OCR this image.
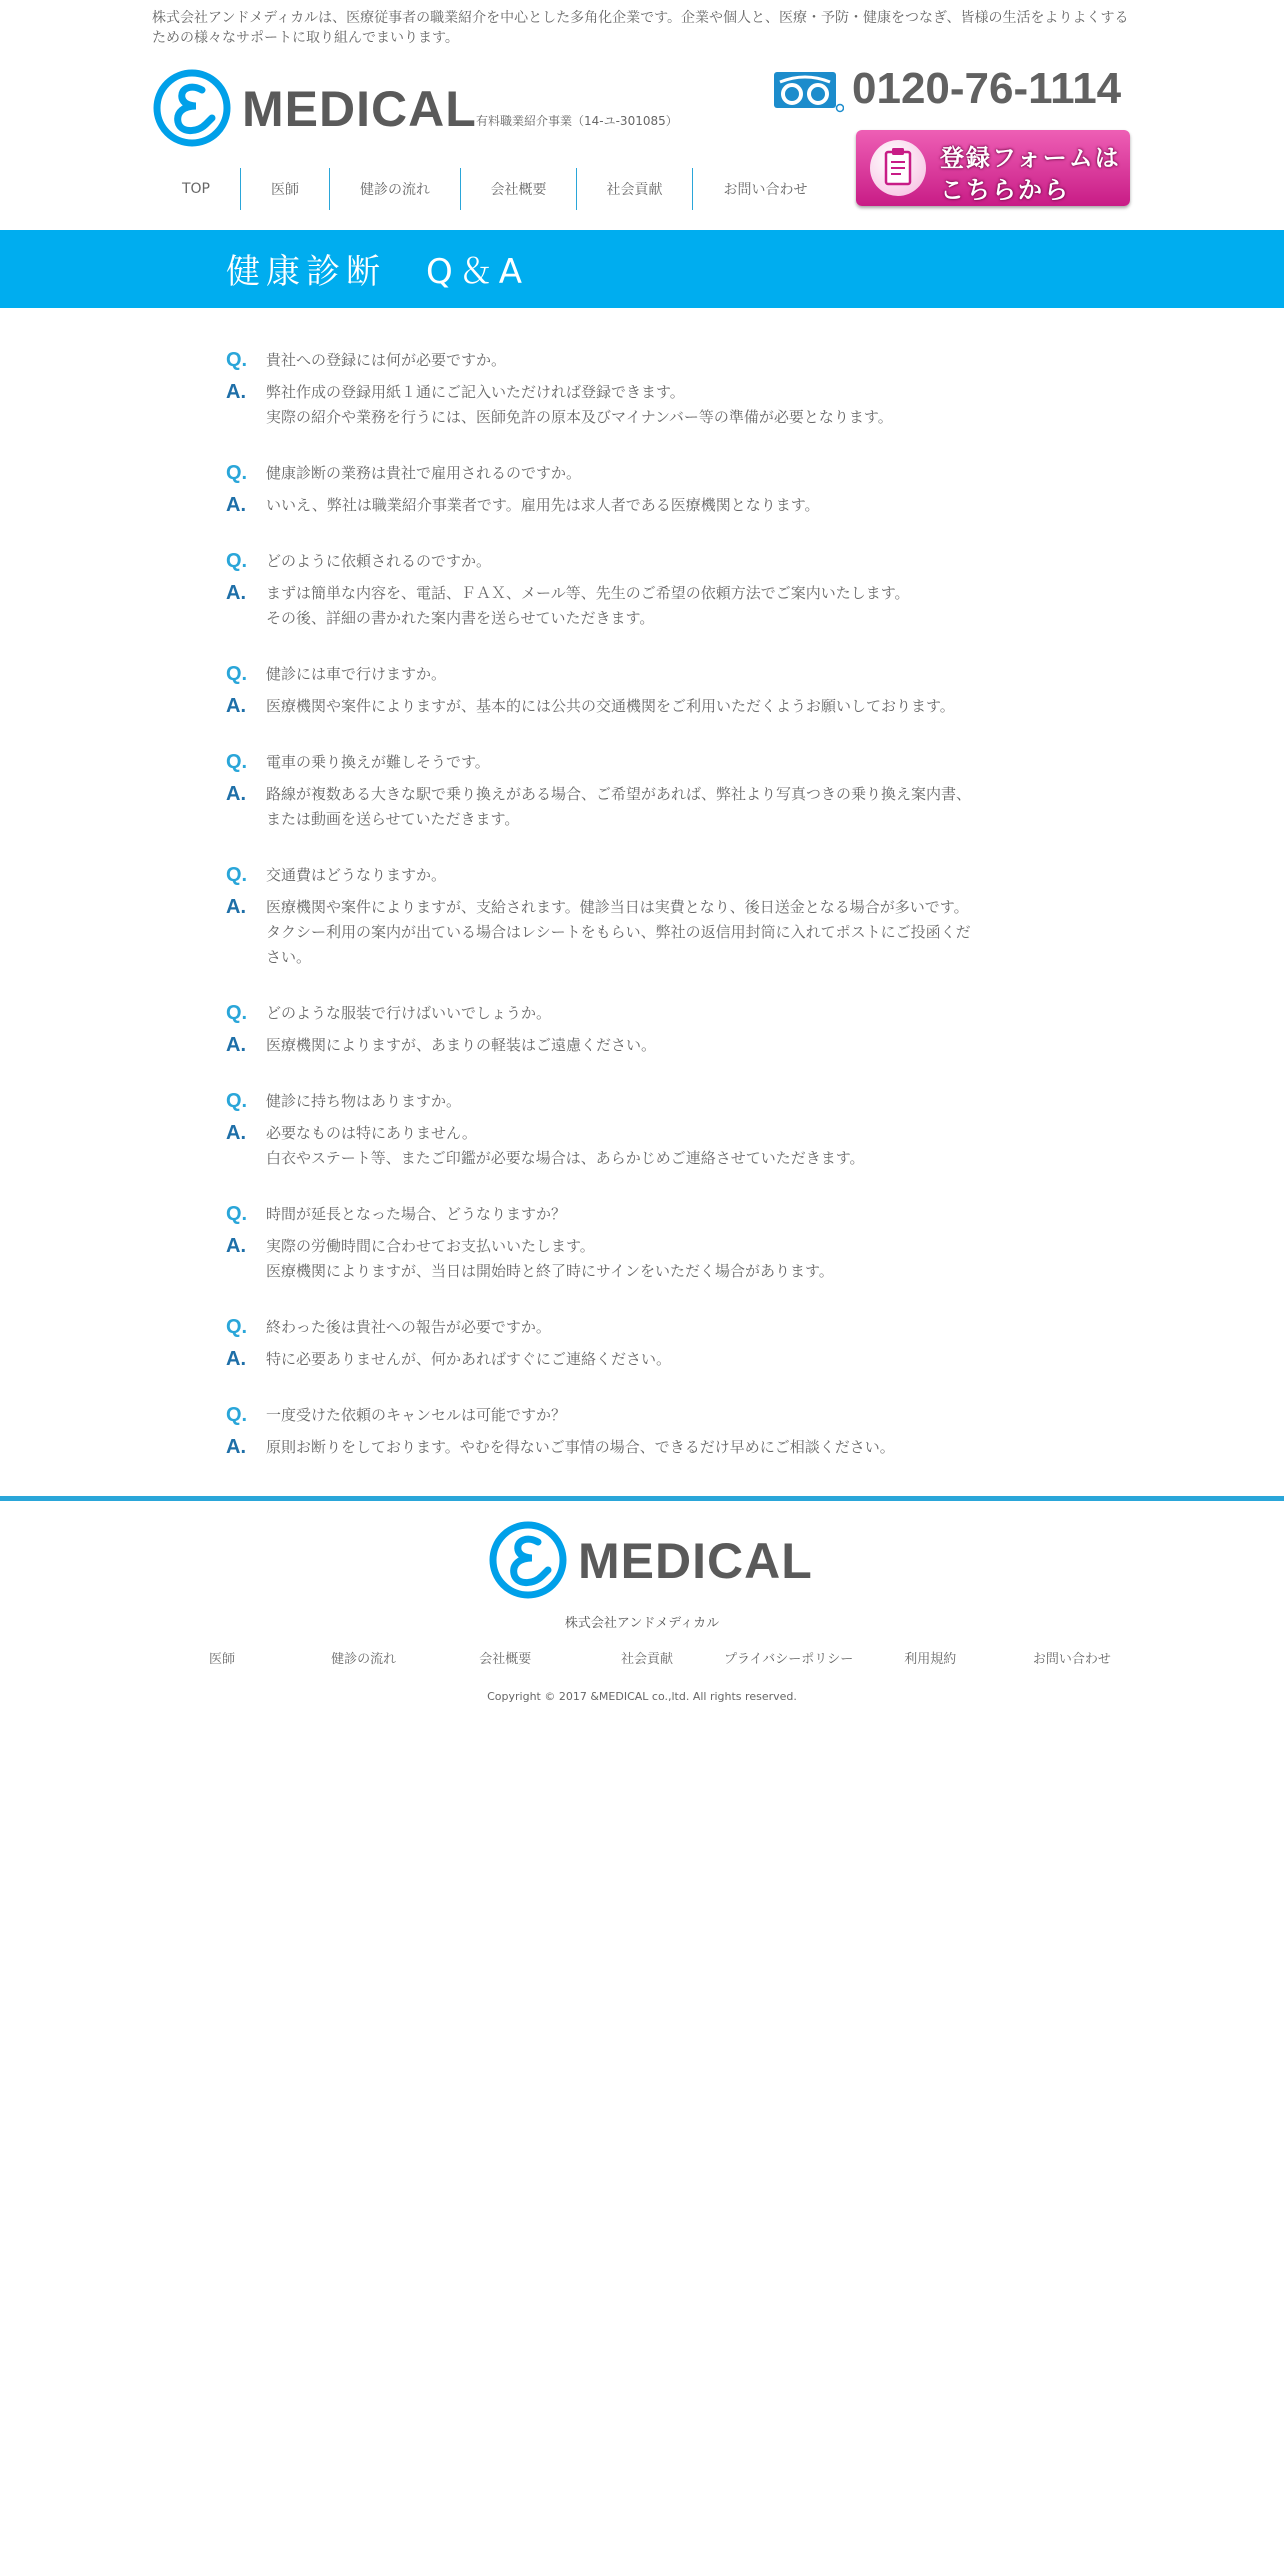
株式会社アンドメディカルは、医療従事者の職業紹介を中心とした多角化企業です。企業や個人と、医療・予防・健康をつなぎ、皆様の生活をよりよくするための様々なサポートに取り組んでまいります。
MEDICAL 有料職業紹介事業（14-ユ-301085）
0120-76-1114
登録フォームは
こちらから
TOP	医師	健診の流れ	会社概要	社会貢献	お問い合わせ
健康診断　Q＆A
Q.	貴社への登録には何が必要ですか。
A.	弊社作成の登録用紙１通にご記入いただければ登録できます。
実際の紹介や業務を行うには、医師免許の原本及びマイナンバー等の準備が必要となります。
Q.	健康診断の業務は貴社で雇用されるのですか。
A.	いいえ、弊社は職業紹介事業者です。雇用先は求人者である医療機関となります。
Q.	どのように依頼されるのですか。
A.	まずは簡単な内容を、電話、ＦＡＸ、メール等、先生のご希望の依頼方法でご案内いたします。
その後、詳細の書かれた案内書を送らせていただきます。
Q.	健診には車で行けますか。
A.	医療機関や案件によりますが、基本的には公共の交通機関をご利用いただくようお願いしております。
Q.	電車の乗り換えが難しそうです。
A.	路線が複数ある大きな駅で乗り換えがある場合、ご希望があれば、弊社より写真つきの乗り換え案内書、
または動画を送らせていただきます。
Q.	交通費はどうなりますか。
A.	医療機関や案件によりますが、支給されます。健診当日は実費となり、後日送金となる場合が多いです。
タクシー利用の案内が出ている場合はレシートをもらい、弊社の返信用封筒に入れてポストにご投函くだ
さい。
Q.	どのような服装で行けばいいでしょうか。
A.	医療機関によりますが、あまりの軽装はご遠慮ください。
Q.	健診に持ち物はありますか。
A.	必要なものは特にありません。
白衣やステート等、またご印鑑が必要な場合は、あらかじめご連絡させていただきます。
Q.	時間が延長となった場合、どうなりますか？
A.	実際の労働時間に合わせてお支払いいたします。
医療機関によりますが、当日は開始時と終了時にサインをいただく場合があります。
Q.	終わった後は貴社への報告が必要ですか。
A.	特に必要ありませんが、何かあればすぐにご連絡ください。
Q.	一度受けた依頼のキャンセルは可能ですか？
A.	原則お断りをしております。やむを得ないご事情の場合、できるだけ早めにご相談ください。
MEDICAL
株式会社アンドメディカル
医師	健診の流れ	会社概要	社会貢献	プライバシーポリシー	利用規約	お問い合わせ
Copyright © 2017 &MEDICAL co.,ltd. All rights reserved.
